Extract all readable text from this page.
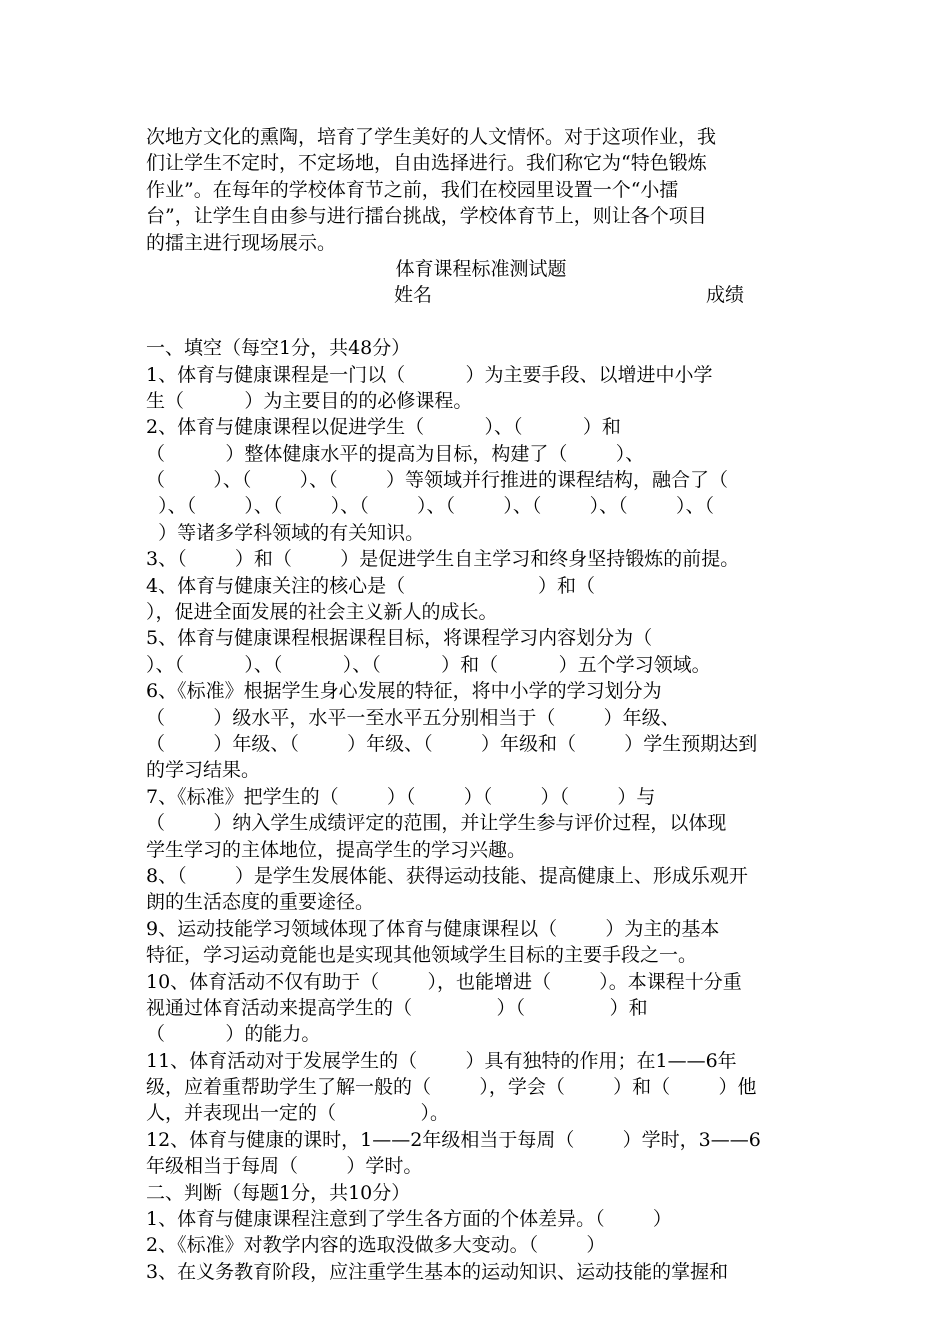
次地方文化的熏陶，培育了学生美好的人文情怀。对于这项作业，我
们让学生不定时，不定场地，自由选择进行。我们称它为“特色锻炼
作业”。在每年的学校体育节之前，我们在校园里设置一个“小擂
台”，让学生自由参与进行擂台挑战，学校体育节上，则让各个项目
的擂主进行现场展示。
体育课程标准测试题
姓名	成绩
一、填空（每空1分，共48分）
1、体育与健康课程是一门以（          ）为主要手段、以增进中小学
生（          ）为主要目的的必修课程。
2、体育与健康课程以促进学生（          ）、（          ）和
（          ）整体健康水平的提高为目标，构建了（        ）、
（        ）、（        ）、（        ）等领域并行推进的课程结构，融合了（
）、（        ）、（        ）、（        ）、（        ）、（        ）、（        ）、（
）等诸多学科领域的有关知识。
3、（        ）和（        ）是促进学生自主学习和终身坚持锻炼的前提。
4、体育与健康关注的核心是（                      ）和（
），促进全面发展的社会主义新人的成长。
5、体育与健康课程根据课程目标，将课程学习内容划分为（
）、（          ）、（          ）、（          ）和（          ）五个学习领域。
6、《标准》根据学生身心发展的特征，将中小学的学习划分为
（        ）级水平，水平一至水平五分别相当于（        ）年级、
（        ）年级、（        ）年级、（        ）年级和（        ）学生预期达到
的学习结果。
7、《标准》把学生的（        ）（        ）（        ）（        ）与
（        ）纳入学生成绩评定的范围，并让学生参与评价过程，以体现
学生学习的主体地位，提高学生的学习兴趣。
8、（        ）是学生发展体能、获得运动技能、提高健康上、形成乐观开
朗的生活态度的重要途径。
9、运动技能学习领域体现了体育与健康课程以（        ）为主的基本
特征，学习运动竟能也是实现其他领域学生目标的主要手段之一。
10、体育活动不仅有助于（        ），也能增进（        ）。本课程十分重
视通过体育活动来提高学生的（              ）（              ）和
（          ）的能力。
11、体育活动对于发展学生的（        ）具有独特的作用；在1——6年
级，应着重帮助学生了解一般的（        ），学会（        ）和（        ）他
人，并表现出一定的（              ）。
12、体育与健康的课时，1——2年级相当于每周（        ）学时，3——6
年级相当于每周（        ）学时。
二、判断（每题1分，共10分）
1、体育与健康课程注意到了学生各方面的个体差异。（        ）
2、《标准》对教学内容的选取没做多大变动。（        ）
3、在义务教育阶段，应注重学生基本的运动知识、运动技能的掌握和
